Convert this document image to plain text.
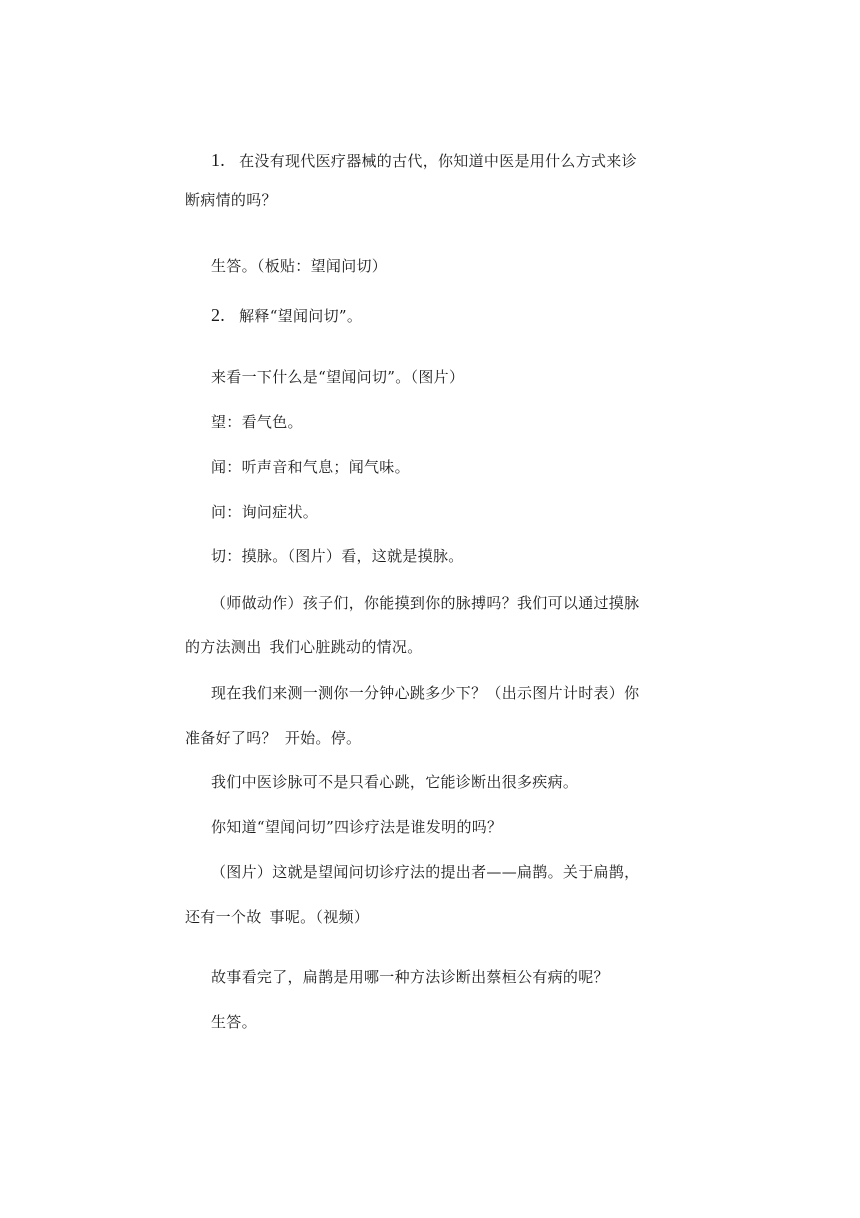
1. 在没有现代医疗器械的古代，你知道中医是用什么方式来诊
断病情的吗？
生答。（板贴：望闻问切）
2. 解释“望闻问切”。
来看一下什么是“望闻问切”。（图片）
望：看气色。
闻：听声音和气息；闻气味。
问：询问症状。
切：摸脉。（图片）看，这就是摸脉。
（师做动作）孩子们，你能摸到你的脉搏吗？我们可以通过摸脉
的方法测出 我们心脏跳动的情况。
现在我们来测一测你一分钟心跳多少下？（出示图片计时表）你
准备好了吗？ 开始。停。
我们中医诊脉可不是只看心跳，它能诊断出很多疾病。
你知道“望闻问切”四诊疗法是谁发明的吗？
（图片）这就是望闻问切诊疗法的提出者——扁鹊。关于扁鹊，
还有一个故 事呢。（视频）
故事看完了，扁鹊是用哪一种方法诊断出蔡桓公有病的呢？
生答。
